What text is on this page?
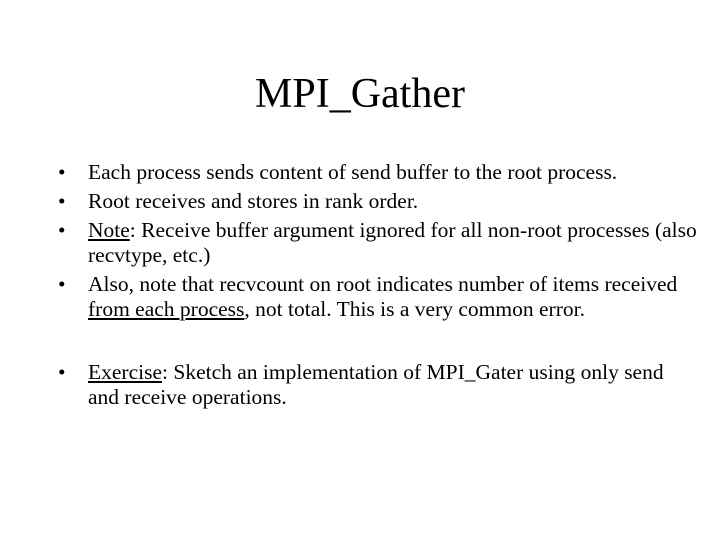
MPI_Gather
•	Each process sends content of send buffer to the root process.
•	Root receives and stores in rank order.
•	Note: Receive buffer argument ignored for all non-root processes (also recvtype, etc.)
•	Also, note that recvcount on root indicates number of items received from each process, not total. This is a very common error.
•	Exercise: Sketch an implementation of MPI_Gater using only send and receive operations.
